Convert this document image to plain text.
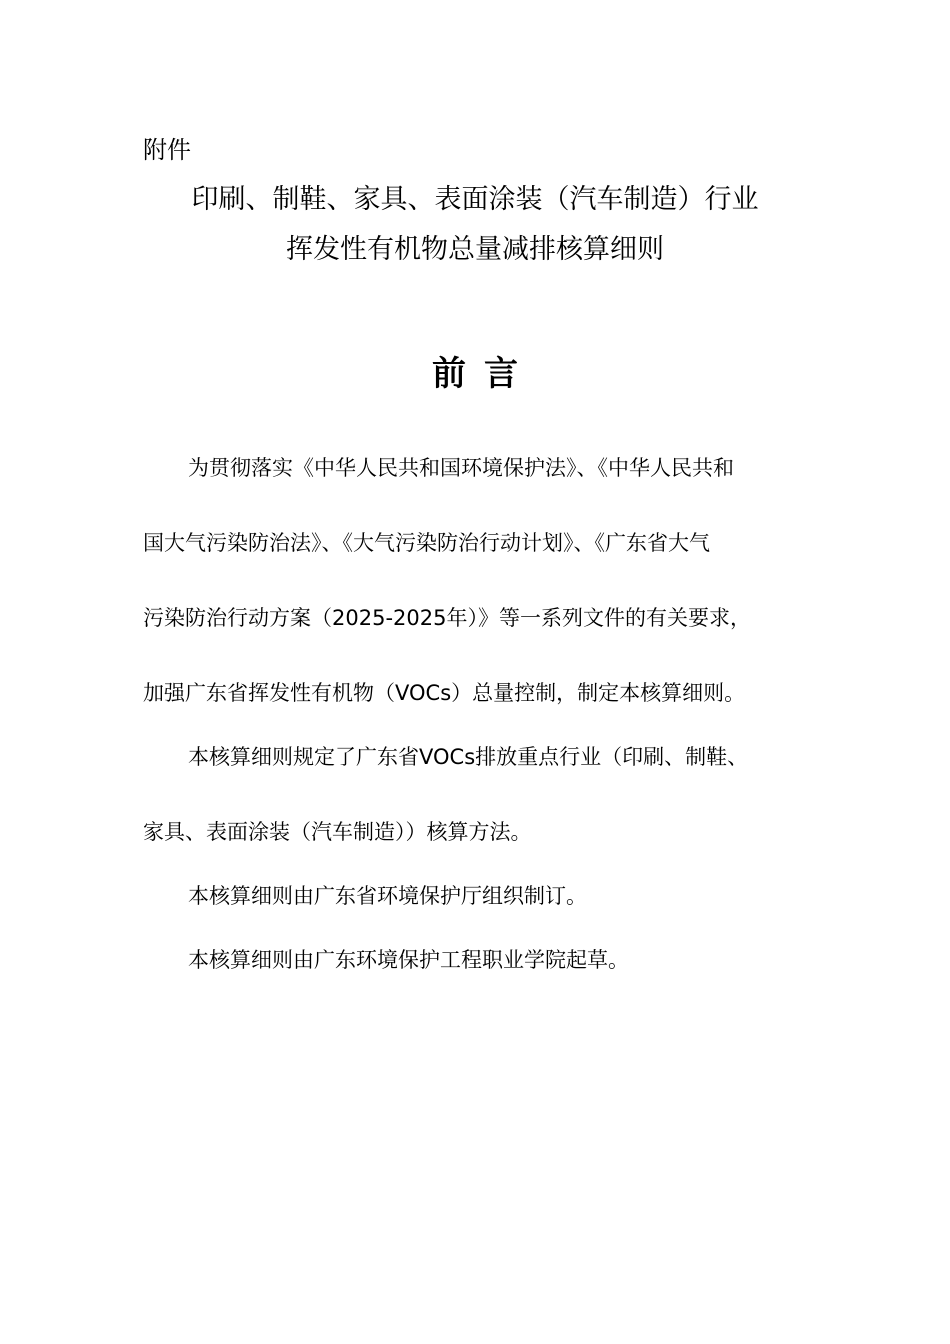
附件
印刷、制鞋、家具、表面涂装（汽车制造）行业
挥发性有机物总量减排核算细则
前言
为贯彻落实《中华人民共和国环境保护法》、《中华人民共和
国大气污染防治法》、《大气污染防治行动计划》、《广东省大气
污染防治行动方案（2025-2025年）》等一系列文件的有关要求，
加强广东省挥发性有机物（VOCs）总量控制，制定本核算细则。
本核算细则规定了广东省VOCs排放重点行业（印刷、制鞋、
家具、表面涂装（汽车制造））核算方法。
本核算细则由广东省环境保护厅组织制订。
本核算细则由广东环境保护工程职业学院起草。
